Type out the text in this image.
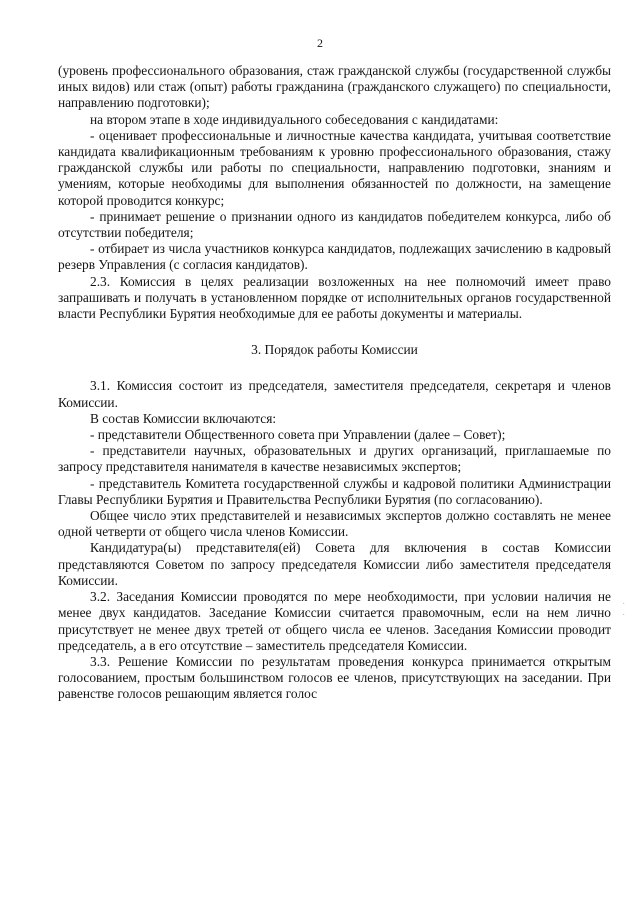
2

(уровень профессионального образования, стаж гражданской службы (государственной службы иных видов) или стаж (опыт) работы гражданина (гражданского служащего) по специальности, направлению подготовки);

на втором этапе в ходе индивидуального собеседования с кандидатами:

- оценивает профессиональные и личностные качества кандидата, учитывая соответствие кандидата квалификационным требованиям к уровню профессионального образования, стажу гражданской службы или работы по специальности, направлению подготовки, знаниям и умениям, которые необходимы для выполнения обязанностей по должности, на замещение которой проводится конкурс;

- принимает решение о признании одного из кандидатов победителем конкурса, либо об отсутствии победителя;

- отбирает из числа участников конкурса кандидатов, подлежащих зачислению в кадровый резерв Управления (с согласия кандидатов).

2.3. Комиссия в целях реализации возложенных на нее полномочий имеет право запрашивать и получать в установленном порядке от исполнительных органов государственной власти Республики Бурятия необходимые для ее работы документы и материалы.

3. Порядок работы Комиссии

3.1. Комиссия состоит из председателя, заместителя председателя, секретаря и членов Комиссии.

В состав Комиссии включаются:

- представители Общественного совета при Управлении (далее – Совет);

- представители научных, образовательных и других организаций, приглашаемые по запросу представителя нанимателя в качестве независимых экспертов;

- представитель Комитета государственной службы и кадровой политики Администрации Главы Республики Бурятия и Правительства Республики Бурятия (по согласованию).

Общее число этих представителей и независимых экспертов должно составлять не менее одной четверти от общего числа членов Комиссии.

Кандидатура(ы) представителя(ей) Совета для включения в состав Комиссии представляются Советом по запросу председателя Комиссии либо заместителя председателя Комиссии.

3.2. Заседания Комиссии проводятся по мере необходимости, при условии наличия не менее двух кандидатов. Заседание Комиссии считается правомочным, если на нем лично присутствует не менее двух третей от общего числа ее членов. Заседания Комиссии проводит председатель, а в его отсутствие – заместитель председателя Комиссии.

3.3. Решение Комиссии по результатам проведения конкурса принимается открытым голосованием, простым большинством голосов ее членов, присутствующих на заседании. При равенстве голосов решающим является голос

·
·
